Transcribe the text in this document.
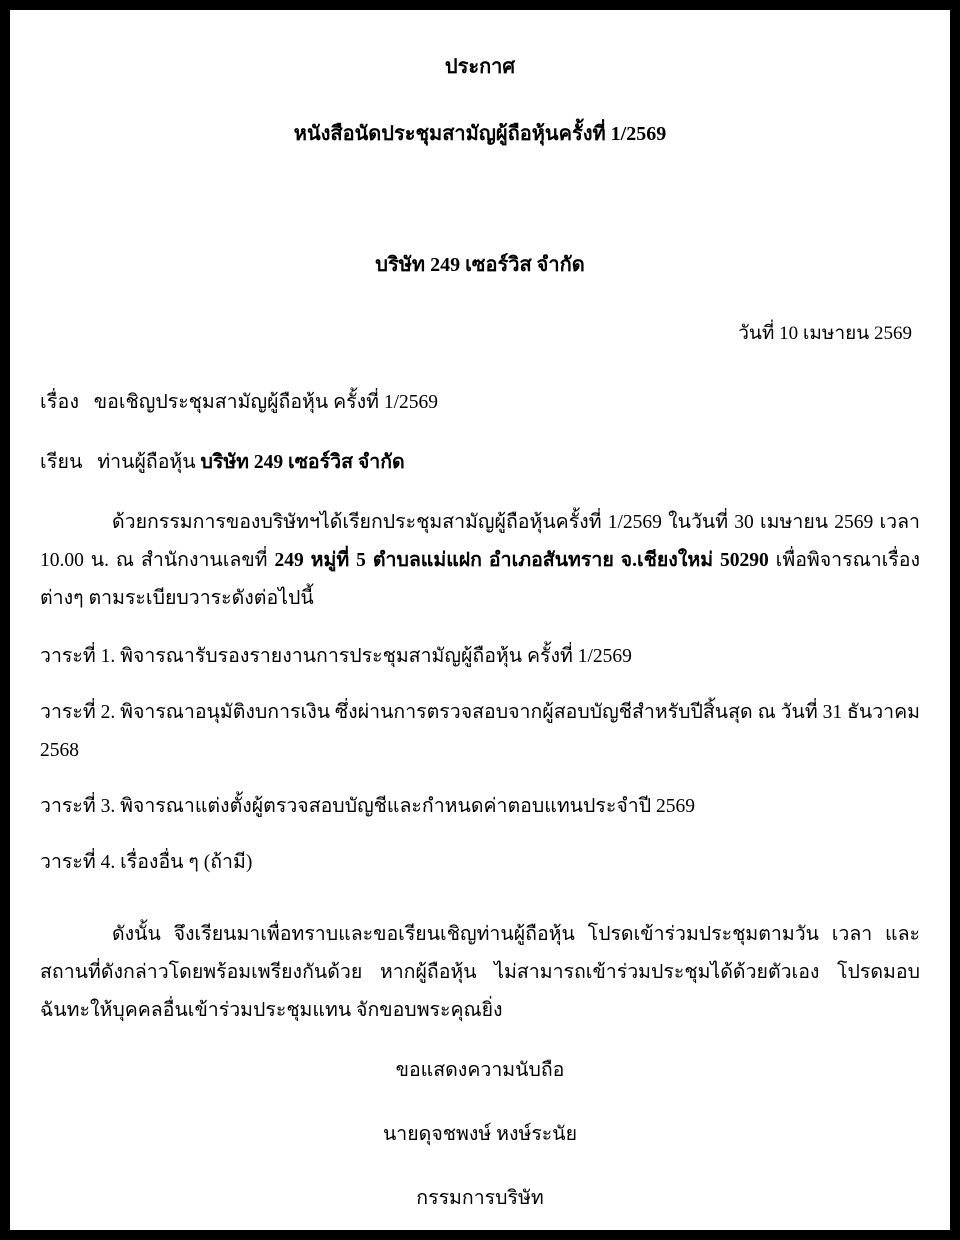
ประกาศ
หนังสือนัดประชุมสามัญผู้ถือหุ้นครั้งที่ 1/2569
บริษัท 249 เซอร์วิส จำกัด
วันที่ 10 เมษายน 2569
เรื่อง ขอเชิญประชุมสามัญผู้ถือหุ้น ครั้งที่ 1/2569
เรียน ท่านผู้ถือหุ้น บริษัท 249 เซอร์วิส จำกัด
ด้วยกรรมการของบริษัทฯได้เรียกประชุมสามัญผู้ถือหุ้นครั้งที่ 1/2569 ในวันที่ 30 เมษายน 2569 เวลา 10.00 น. ณ สำนักงานเลขที่ 249 หมู่ที่ 5 ตำบลแม่แฝก อำเภอสันทราย จ.เชียงใหม่ 50290 เพื่อพิจารณาเรื่องต่างๆ ตามระเบียบวาระดังต่อไปนี้
วาระที่ 1. พิจารณารับรองรายงานการประชุมสามัญผู้ถือหุ้น ครั้งที่ 1/2569
วาระที่ 2. พิจารณาอนุมัติงบการเงิน ซึ่งผ่านการตรวจสอบจากผู้สอบบัญชีสำหรับปีสิ้นสุด ณ วันที่ 31 ธันวาคม 2568
วาระที่ 3. พิจารณาแต่งตั้งผู้ตรวจสอบบัญชีและกำหนดค่าตอบแทนประจำปี 2569
วาระที่ 4. เรื่องอื่น ๆ (ถ้ามี)
ดังนั้น จึงเรียนมาเพื่อทราบและขอเรียนเชิญท่านผู้ถือหุ้น โปรดเข้าร่วมประชุมตามวัน เวลา และสถานที่ดังกล่าวโดยพร้อมเพรียงกันด้วย หากผู้ถือหุ้น ไม่สามารถเข้าร่วมประชุมได้ด้วยตัวเอง โปรดมอบฉันทะให้บุคคลอื่นเข้าร่วมประชุมแทน จักขอบพระคุณยิ่ง
ขอแสดงความนับถือ
นายดุจชพงษ์ หงษ์ระนัย
กรรมการบริษัท
